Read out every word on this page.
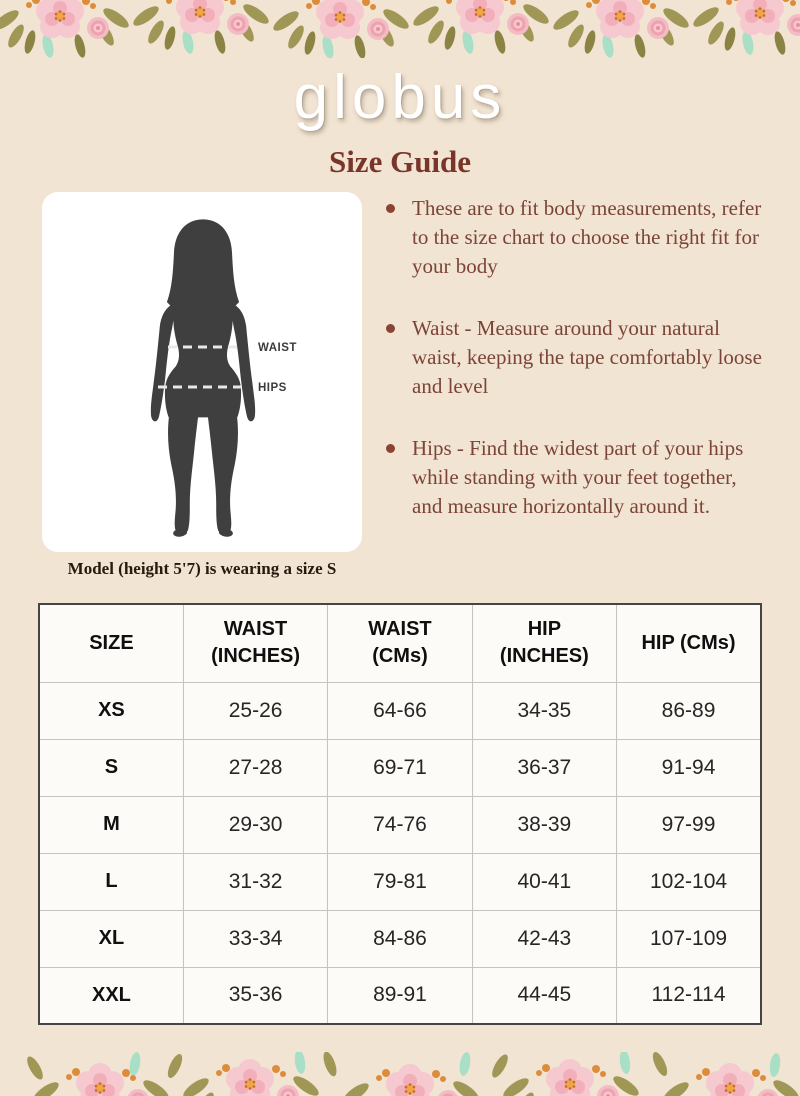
globus
Size Guide
WAIST
HIPS
Model (height 5'7) is wearing a size S
These are to fit body measurements, refer to the size chart to choose the right fit for your body
Waist - Measure around your natural waist, keeping the tape comfortably loose and level
Hips - Find the widest part of your hips while standing with your feet together, and measure horizontally around it.
SIZE	WAIST (INCHES)	WAIST (CMs)	HIP (INCHES)	HIP (CMs)
XS	25-26	64-66	34-35	86-89
S	27-28	69-71	36-37	91-94
M	29-30	74-76	38-39	97-99
L	31-32	79-81	40-41	102-104
XL	33-34	84-86	42-43	107-109
XXL	35-36	89-91	44-45	112-114
